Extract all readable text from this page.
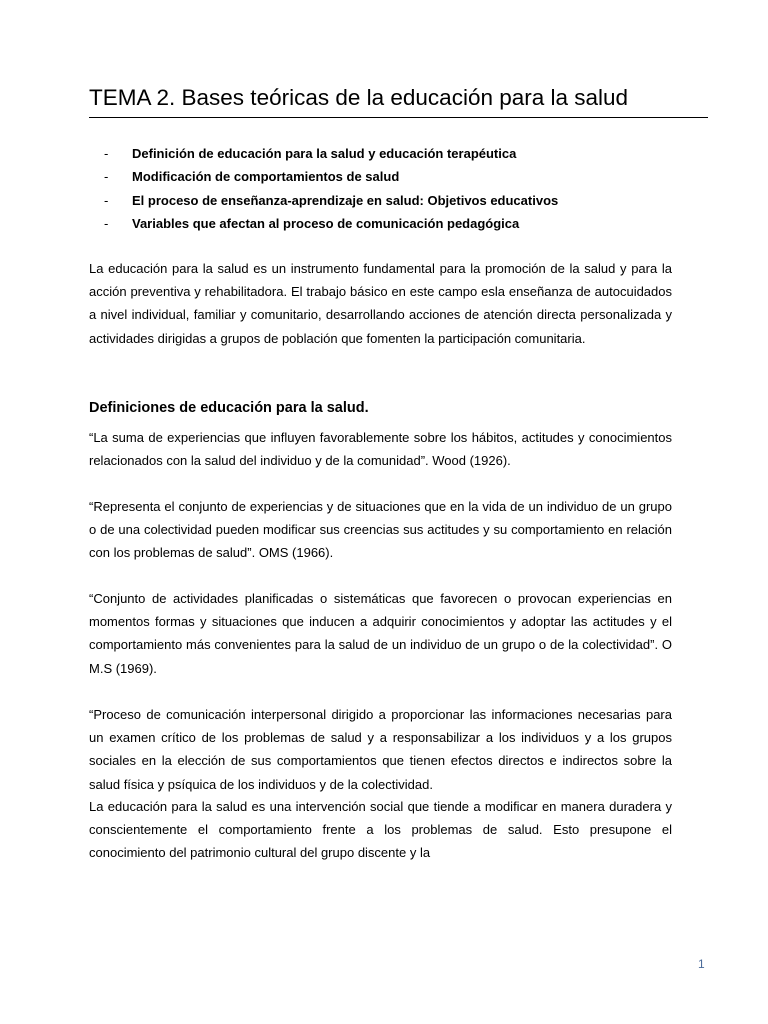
TEMA 2. Bases teóricas de la educación para la salud
-	Definición de educación para la salud y educación terapéutica
-	Modificación de comportamientos de salud
-	El proceso de enseñanza-aprendizaje en salud: Objetivos educativos
-	Variables que afectan al proceso de comunicación pedagógica

La educación para la salud es un instrumento fundamental para la promoción de la salud y para la acción preventiva y rehabilitadora. El trabajo básico en este campo esla enseñanza de autocuidados a nivel individual, familiar y comunitario, desarrollando acciones de atención directa personalizada y actividades dirigidas a grupos de población que fomenten la participación comunitaria.

Definiciones de educación para la salud.

“La suma de experiencias que influyen favorablemente sobre los hábitos, actitudes y conocimientos relacionados con la salud del individuo y de la comunidad”. Wood (1926).

“Representa el conjunto de experiencias y de situaciones que en la vida de un individuo de un grupo o de una colectividad pueden modificar sus creencias sus actitudes y su comportamiento en relación con los problemas de salud”. OMS (1966).

“Conjunto de actividades planificadas o sistemáticas que favorecen o provocan experiencias en momentos formas y situaciones que inducen a adquirir conocimientos y adoptar las actitudes y el comportamiento más convenientes para la salud de un individuo de un grupo o de la colectividad”. O M.S (1969).

“Proceso de comunicación interpersonal dirigido a proporcionar las informaciones necesarias para un examen crítico de los problemas de salud y a responsabilizar a los individuos y a los grupos sociales en la elección de sus comportamientos que tienen efectos directos e indirectos sobre la salud física y psíquica de los individuos y de la colectividad.

La educación para la salud es una intervención social que tiende a modificar en manera duradera y conscientemente el comportamiento frente a los problemas de salud. Esto presupone el conocimiento del patrimonio cultural del grupo discente y la

1
